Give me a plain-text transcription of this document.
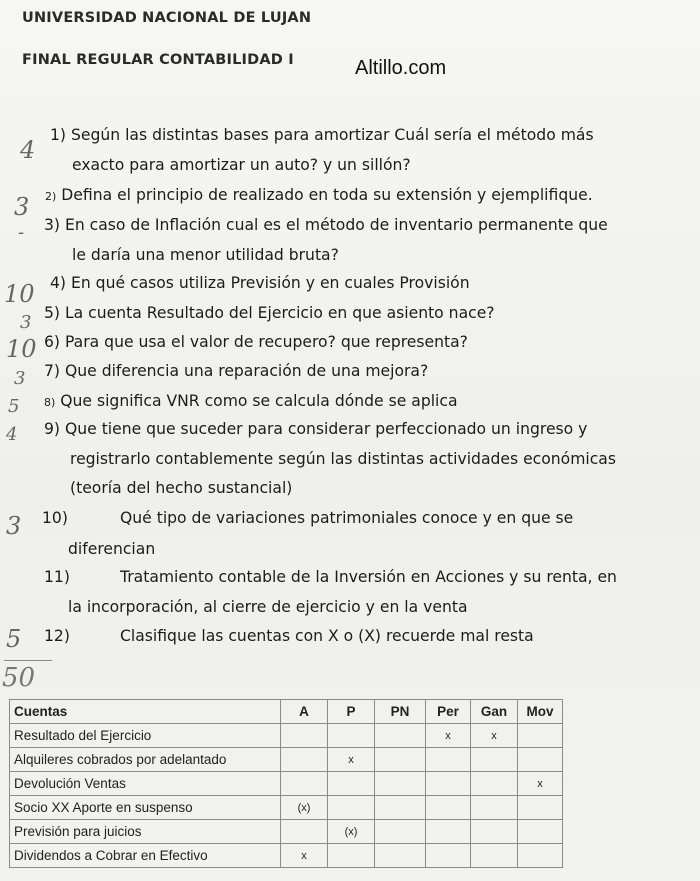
UNIVERSIDAD NACIONAL DE LUJAN
FINAL REGULAR CONTABILIDAD I	Altillo.com
4
1) Según las distintas bases para amortizar Cuál sería el método más
exacto para amortizar un auto? y un sillón?
3 2) Defina el principio de realizado en toda su extensión y ejemplifique.
- 3) En caso de Inflación cual es el método de inventario permanente que
le daría una menor utilidad bruta?
10 4) En qué casos utiliza Previsión y en cuales Provisión
3 5) La cuenta Resultado del Ejercicio en que asiento nace?
10 6) Para que usa el valor de recupero? que representa?
3 7) Que diferencia una reparación de una mejora?
5 8) Que significa VNR como se calcula dónde se aplica
4 9) Que tiene que suceder para considerar perfeccionado un ingreso y
registrarlo contablemente según las distintas actividades económicas
(teoría del hecho sustancial)
3 10)	Qué tipo de variaciones patrimoniales conoce y en que se
diferencian
11)	Tratamiento contable de la Inversión en Acciones y su renta, en
la incorporación, al cierre de ejercicio y en la venta
5 12)	Clasifique las cuentas con X o (X) recuerde mal resta
50
Cuentas	A	P	PN	Per	Gan	Mov
Resultado del Ejercicio				x	x	
Alquileres cobrados por adelantado		x				
Devolución Ventas						x
Socio XX Aporte en suspenso	(x)					
Previsión para juicios		(x)				
Dividendos a Cobrar en Efectivo	x					
